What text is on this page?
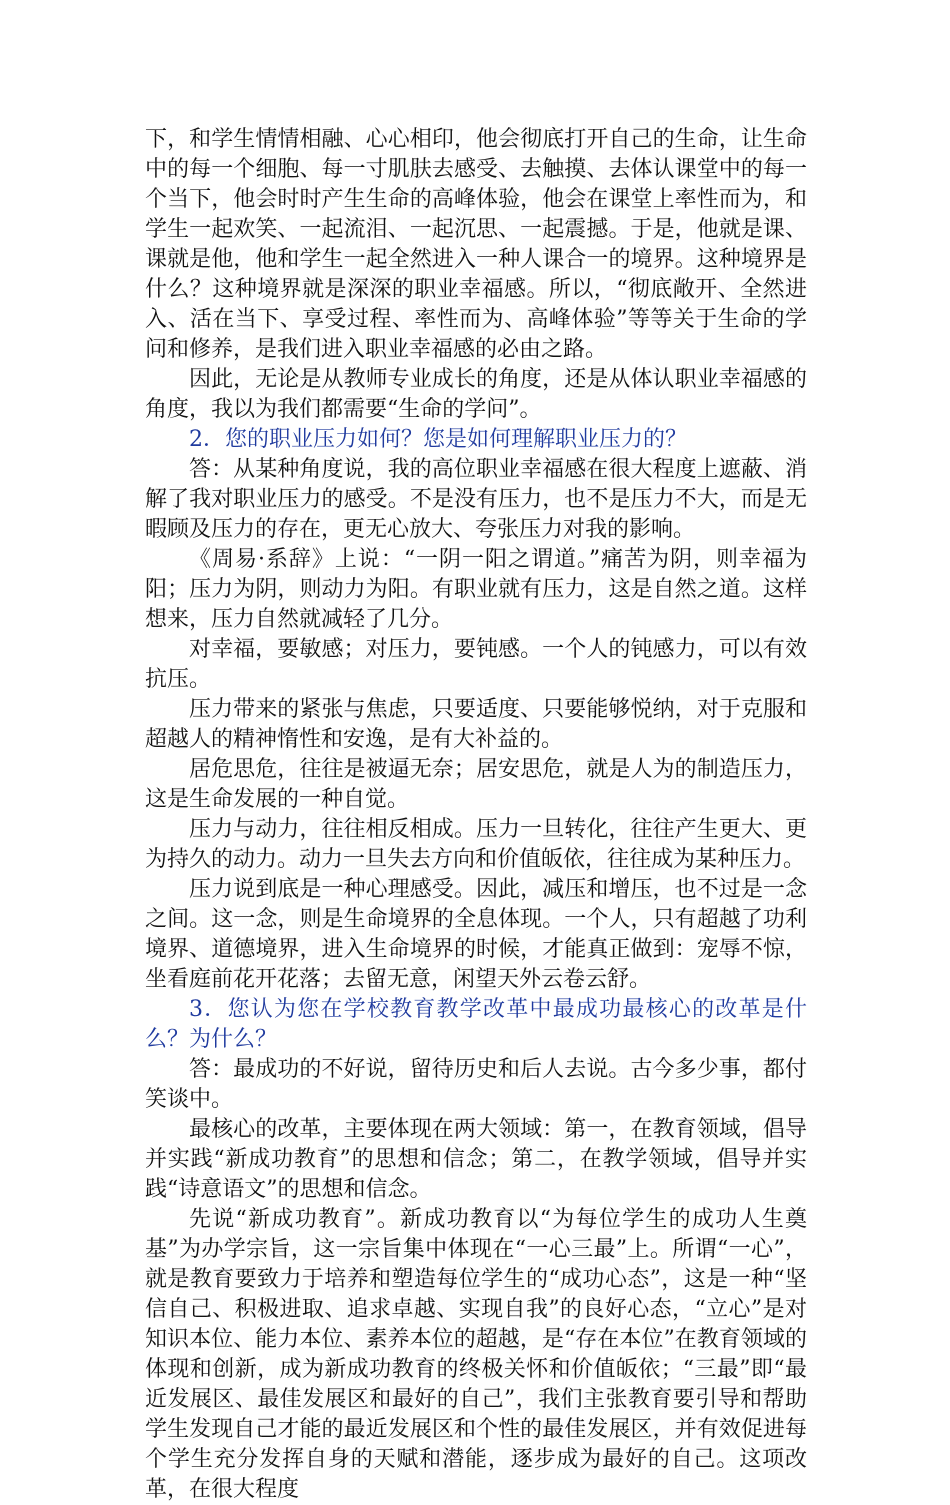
下，和学生情情相融、心心相印，他会彻底打开自己的生命，让生命中的每一个细胞、每一寸肌肤去感受、去触摸、去体认课堂中的每一个当下，他会时时产生生命的高峰体验，他会在课堂上率性而为，和学生一起欢笑、一起流泪、一起沉思、一起震撼。于是，他就是课、课就是他，他和学生一起全然进入一种人课合一的境界。这种境界是什么？这种境界就是深深的职业幸福感。所以，“彻底敞开、全然进入、活在当下、享受过程、率性而为、高峰体验”等等关于生命的学问和修养，是我们进入职业幸福感的必由之路。

因此，无论是从教师专业成长的角度，还是从体认职业幸福感的角度，我以为我们都需要“生命的学问”。

2．您的职业压力如何？您是如何理解职业压力的？

答：从某种角度说，我的高位职业幸福感在很大程度上遮蔽、消解了我对职业压力的感受。不是没有压力，也不是压力不大，而是无暇顾及压力的存在，更无心放大、夸张压力对我的影响。

《周易·系辞》上说：“一阴一阳之谓道。”痛苦为阴，则幸福为阳；压力为阴，则动力为阳。有职业就有压力，这是自然之道。这样想来，压力自然就减轻了几分。

对幸福，要敏感；对压力，要钝感。一个人的钝感力，可以有效抗压。

压力带来的紧张与焦虑，只要适度、只要能够悦纳，对于克服和超越人的精神惰性和安逸，是有大补益的。

居危思危，往往是被逼无奈；居安思危，就是人为的制造压力，这是生命发展的一种自觉。

压力与动力，往往相反相成。压力一旦转化，往往产生更大、更为持久的动力。动力一旦失去方向和价值皈依，往往成为某种压力。

压力说到底是一种心理感受。因此，减压和增压，也不过是一念之间。这一念，则是生命境界的全息体现。一个人，只有超越了功利境界、道德境界，进入生命境界的时候，才能真正做到：宠辱不惊，坐看庭前花开花落；去留无意，闲望天外云卷云舒。

3．您认为您在学校教育教学改革中最成功最核心的改革是什么？为什么？

答：最成功的不好说，留待历史和后人去说。古今多少事，都付笑谈中。

最核心的改革，主要体现在两大领域：第一，在教育领域，倡导并实践“新成功教育”的思想和信念；第二，在教学领域，倡导并实践“诗意语文”的思想和信念。

先说“新成功教育”。新成功教育以“为每位学生的成功人生奠基”为办学宗旨，这一宗旨集中体现在“一心三最”上。所谓“一心”，就是教育要致力于培养和塑造每位学生的“成功心态”，这是一种“坚信自己、积极进取、追求卓越、实现自我”的良好心态，“立心”是对知识本位、能力本位、素养本位的超越，是“存在本位”在教育领域的体现和创新，成为新成功教育的终极关怀和价值皈依；“三最”即“最近发展区、最佳发展区和最好的自己”，我们主张教育要引导和帮助学生发现自己才能的最近发展区和个性的最佳发展区，并有效促进每个学生充分发挥自身的天赋和潜能，逐步成为最好的自己。这项改革，在很大程度
